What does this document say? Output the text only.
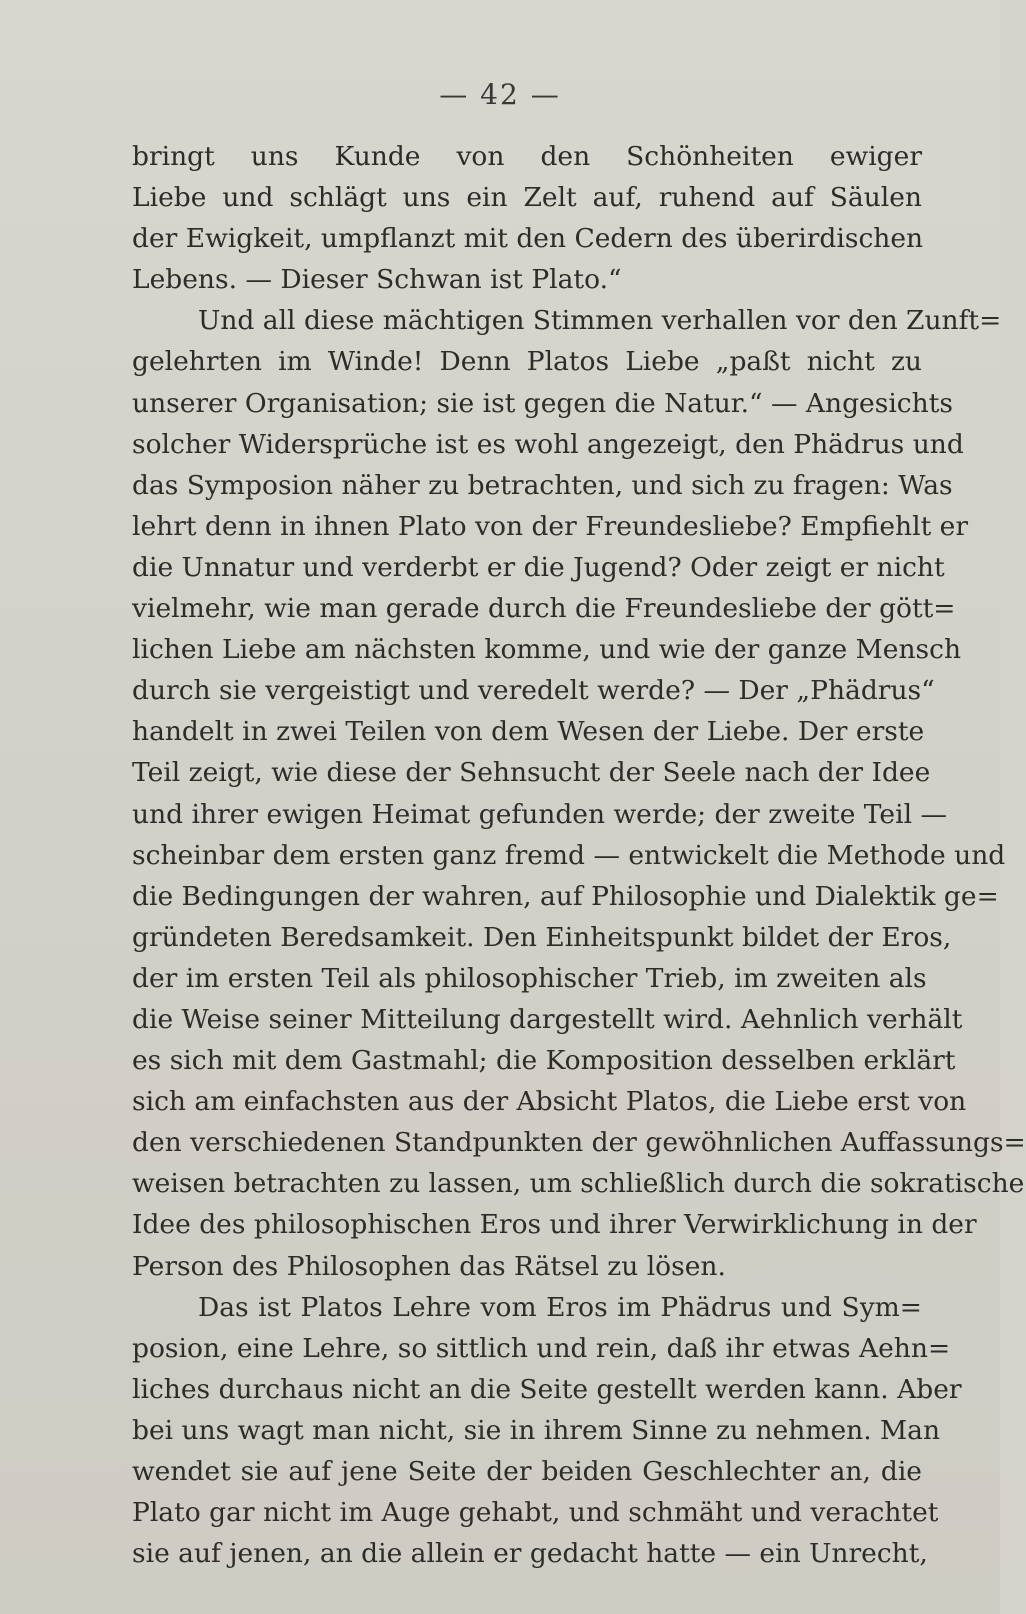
— 42 —
bringt uns Kunde von den Schönheiten ewiger
Liebe und schlägt uns ein Zelt auf, ruhend auf Säulen
der Ewigkeit, umpflanzt mit den Cedern des überirdischen
Lebens. — Dieser Schwan ist Plato.“
Und all diese mächtigen Stimmen verhallen vor den Zunft=
gelehrten im Winde! Denn Platos Liebe „paßt nicht zu
unserer Organisation; sie ist gegen die Natur.“ — Angesichts
solcher Widersprüche ist es wohl angezeigt, den Phädrus und
das Symposion näher zu betrachten, und sich zu fragen: Was
lehrt denn in ihnen Plato von der Freundesliebe? Empfiehlt er
die Unnatur und verderbt er die Jugend? Oder zeigt er nicht
vielmehr, wie man gerade durch die Freundesliebe der gött=
lichen Liebe am nächsten komme, und wie der ganze Mensch
durch sie vergeistigt und veredelt werde? — Der „Phädrus“
handelt in zwei Teilen von dem Wesen der Liebe. Der erste
Teil zeigt, wie diese der Sehnsucht der Seele nach der Idee
und ihrer ewigen Heimat gefunden werde; der zweite Teil —
scheinbar dem ersten ganz fremd — entwickelt die Methode und
die Bedingungen der wahren, auf Philosophie und Dialektik ge=
gründeten Beredsamkeit. Den Einheitspunkt bildet der Eros,
der im ersten Teil als philosophischer Trieb, im zweiten als
die Weise seiner Mitteilung dargestellt wird. Aehnlich verhält
es sich mit dem Gastmahl; die Komposition desselben erklärt
sich am einfachsten aus der Absicht Platos, die Liebe erst von
den verschiedenen Standpunkten der gewöhnlichen Auffassungs=
weisen betrachten zu lassen, um schließlich durch die sokratische
Idee des philosophischen Eros und ihrer Verwirklichung in der
Person des Philosophen das Rätsel zu lösen.
Das ist Platos Lehre vom Eros im Phädrus und Sym=
posion, eine Lehre, so sittlich und rein, daß ihr etwas Aehn=
liches durchaus nicht an die Seite gestellt werden kann. Aber
bei uns wagt man nicht, sie in ihrem Sinne zu nehmen. Man
wendet sie auf jene Seite der beiden Geschlechter an, die
Plato gar nicht im Auge gehabt, und schmäht und verachtet
sie auf jenen, an die allein er gedacht hatte — ein Unrecht,
